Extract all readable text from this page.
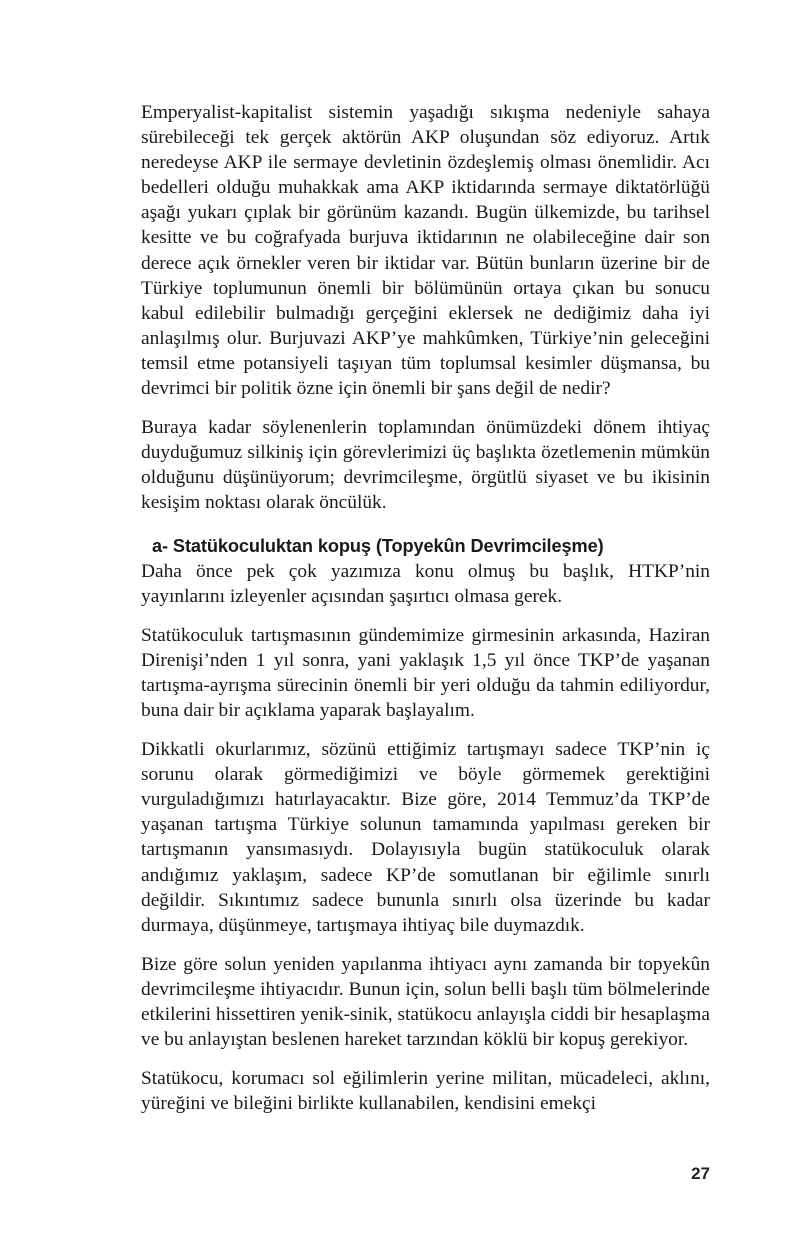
Emperyalist-kapitalist sistemin yaşadığı sıkışma nedeniyle sahaya sürebileceği tek gerçek aktörün AKP oluşundan söz ediyoruz. Artık neredeyse AKP ile sermaye devletinin özdeşlemiş olması önemlidir. Acı bedelleri olduğu muhakkak ama AKP iktidarında sermaye diktatörlüğü aşağı yukarı çıplak bir görünüm kazandı. Bugün ülkemizde, bu tarihsel kesitte ve bu coğrafyada burjuva iktidarının ne olabileceğine dair son derece açık örnekler veren bir iktidar var. Bütün bunların üzerine bir de Türkiye toplumunun önemli bir bölümünün ortaya çıkan bu sonucu kabul edilebilir bulmadığı gerçeğini eklersek ne dediğimiz daha iyi anlaşılmış olur. Burjuvazi AKP’ye mahkûmken, Türkiye’nin geleceğini temsil etme potansiyeli taşıyan tüm toplumsal kesimler düşmansa, bu devrimci bir politik özne için önemli bir şans değil de nedir?

Buraya kadar söylenenlerin toplamından önümüzdeki dönem ihtiyaç duyduğumuz silkiniş için görevlerimizi üç başlıkta özetlemenin mümkün olduğunu düşünüyorum; devrimcileşme, örgütlü siyaset ve bu ikisinin kesişim noktası olarak öncülük.

a- Statükoculuktan kopuş (Topyekûn Devrimcileşme)

Daha önce pek çok yazımıza konu olmuş bu başlık, HTKP’nin yayınlarını izleyenler açısından şaşırtıcı olmasa gerek.

Statükoculuk tartışmasının gündemimize girmesinin arkasında, Haziran Direnişi’nden 1 yıl sonra, yani yaklaşık 1,5 yıl önce TKP’de yaşanan tartışma-ayrışma sürecinin önemli bir yeri olduğu da tahmin ediliyordur, buna dair bir açıklama yaparak başlayalım.

Dikkatli okurlarımız, sözünü ettiğimiz tartışmayı sadece TKP’nin iç sorunu olarak görmediğimizi ve böyle görmemek gerektiğini vurguladığımızı hatırlayacaktır. Bize göre, 2014 Temmuz’da TKP’de yaşanan tartışma Türkiye solunun tamamında yapılması gereken bir tartışmanın yansımasıydı. Dolayısıyla bugün statükoculuk olarak andığımız yaklaşım, sadece KP’de somutlanan bir eğilimle sınırlı değildir. Sıkıntımız sadece bununla sınırlı olsa üzerinde bu kadar durmaya, düşünmeye, tartışmaya ihtiyaç bile duymazdık.

Bize göre solun yeniden yapılanma ihtiyacı aynı zamanda bir topyekûn devrimcileşme ihtiyacıdır. Bunun için, solun belli başlı tüm bölmelerinde etkilerini hissettiren yenik-sinik, statükocu anlayışla ciddi bir hesaplaşma ve bu anlayıştan beslenen hareket tarzından köklü bir kopuş gerekiyor.

Statükocu, korumacı sol eğilimlerin yerine militan, mücadeleci, aklını, yüreğini ve bileğini birlikte kullanabilen, kendisini emekçi

27
